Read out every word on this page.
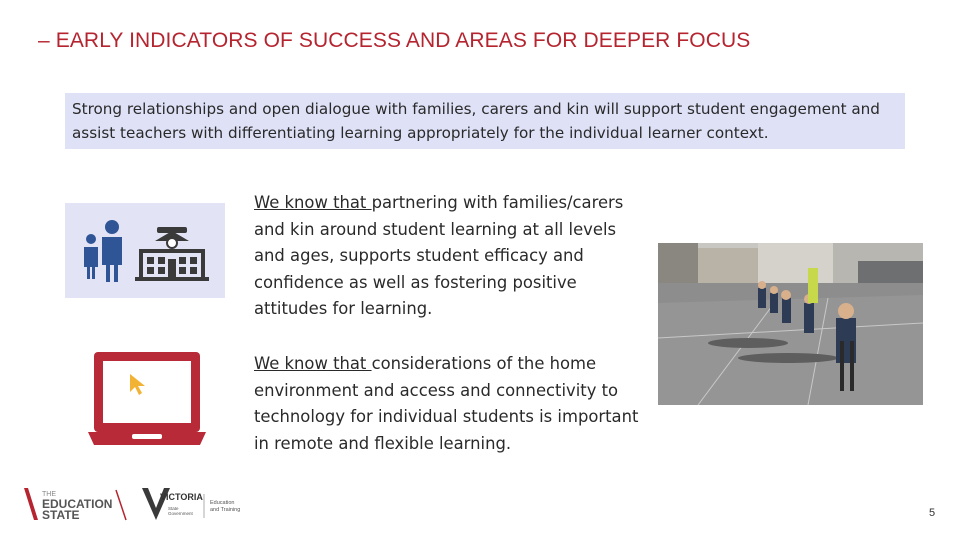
– EARLY INDICATORS OF SUCCESS AND AREAS FOR DEEPER FOCUS
Strong relationships and open dialogue with families, carers and kin will support student engagement and assist teachers with differentiating learning appropriately for the individual learner context.
We know that partnering with families/carers and kin around student learning at all levels and ages, supports student efficacy and confidence as well as fostering positive attitudes for learning.
We know that considerations of the home environment and access and connectivity to technology for individual students is important in remote and flexible learning.
THE
EDUCATION
STATE
VICTORIA
State
Government
Education
and Training	5
